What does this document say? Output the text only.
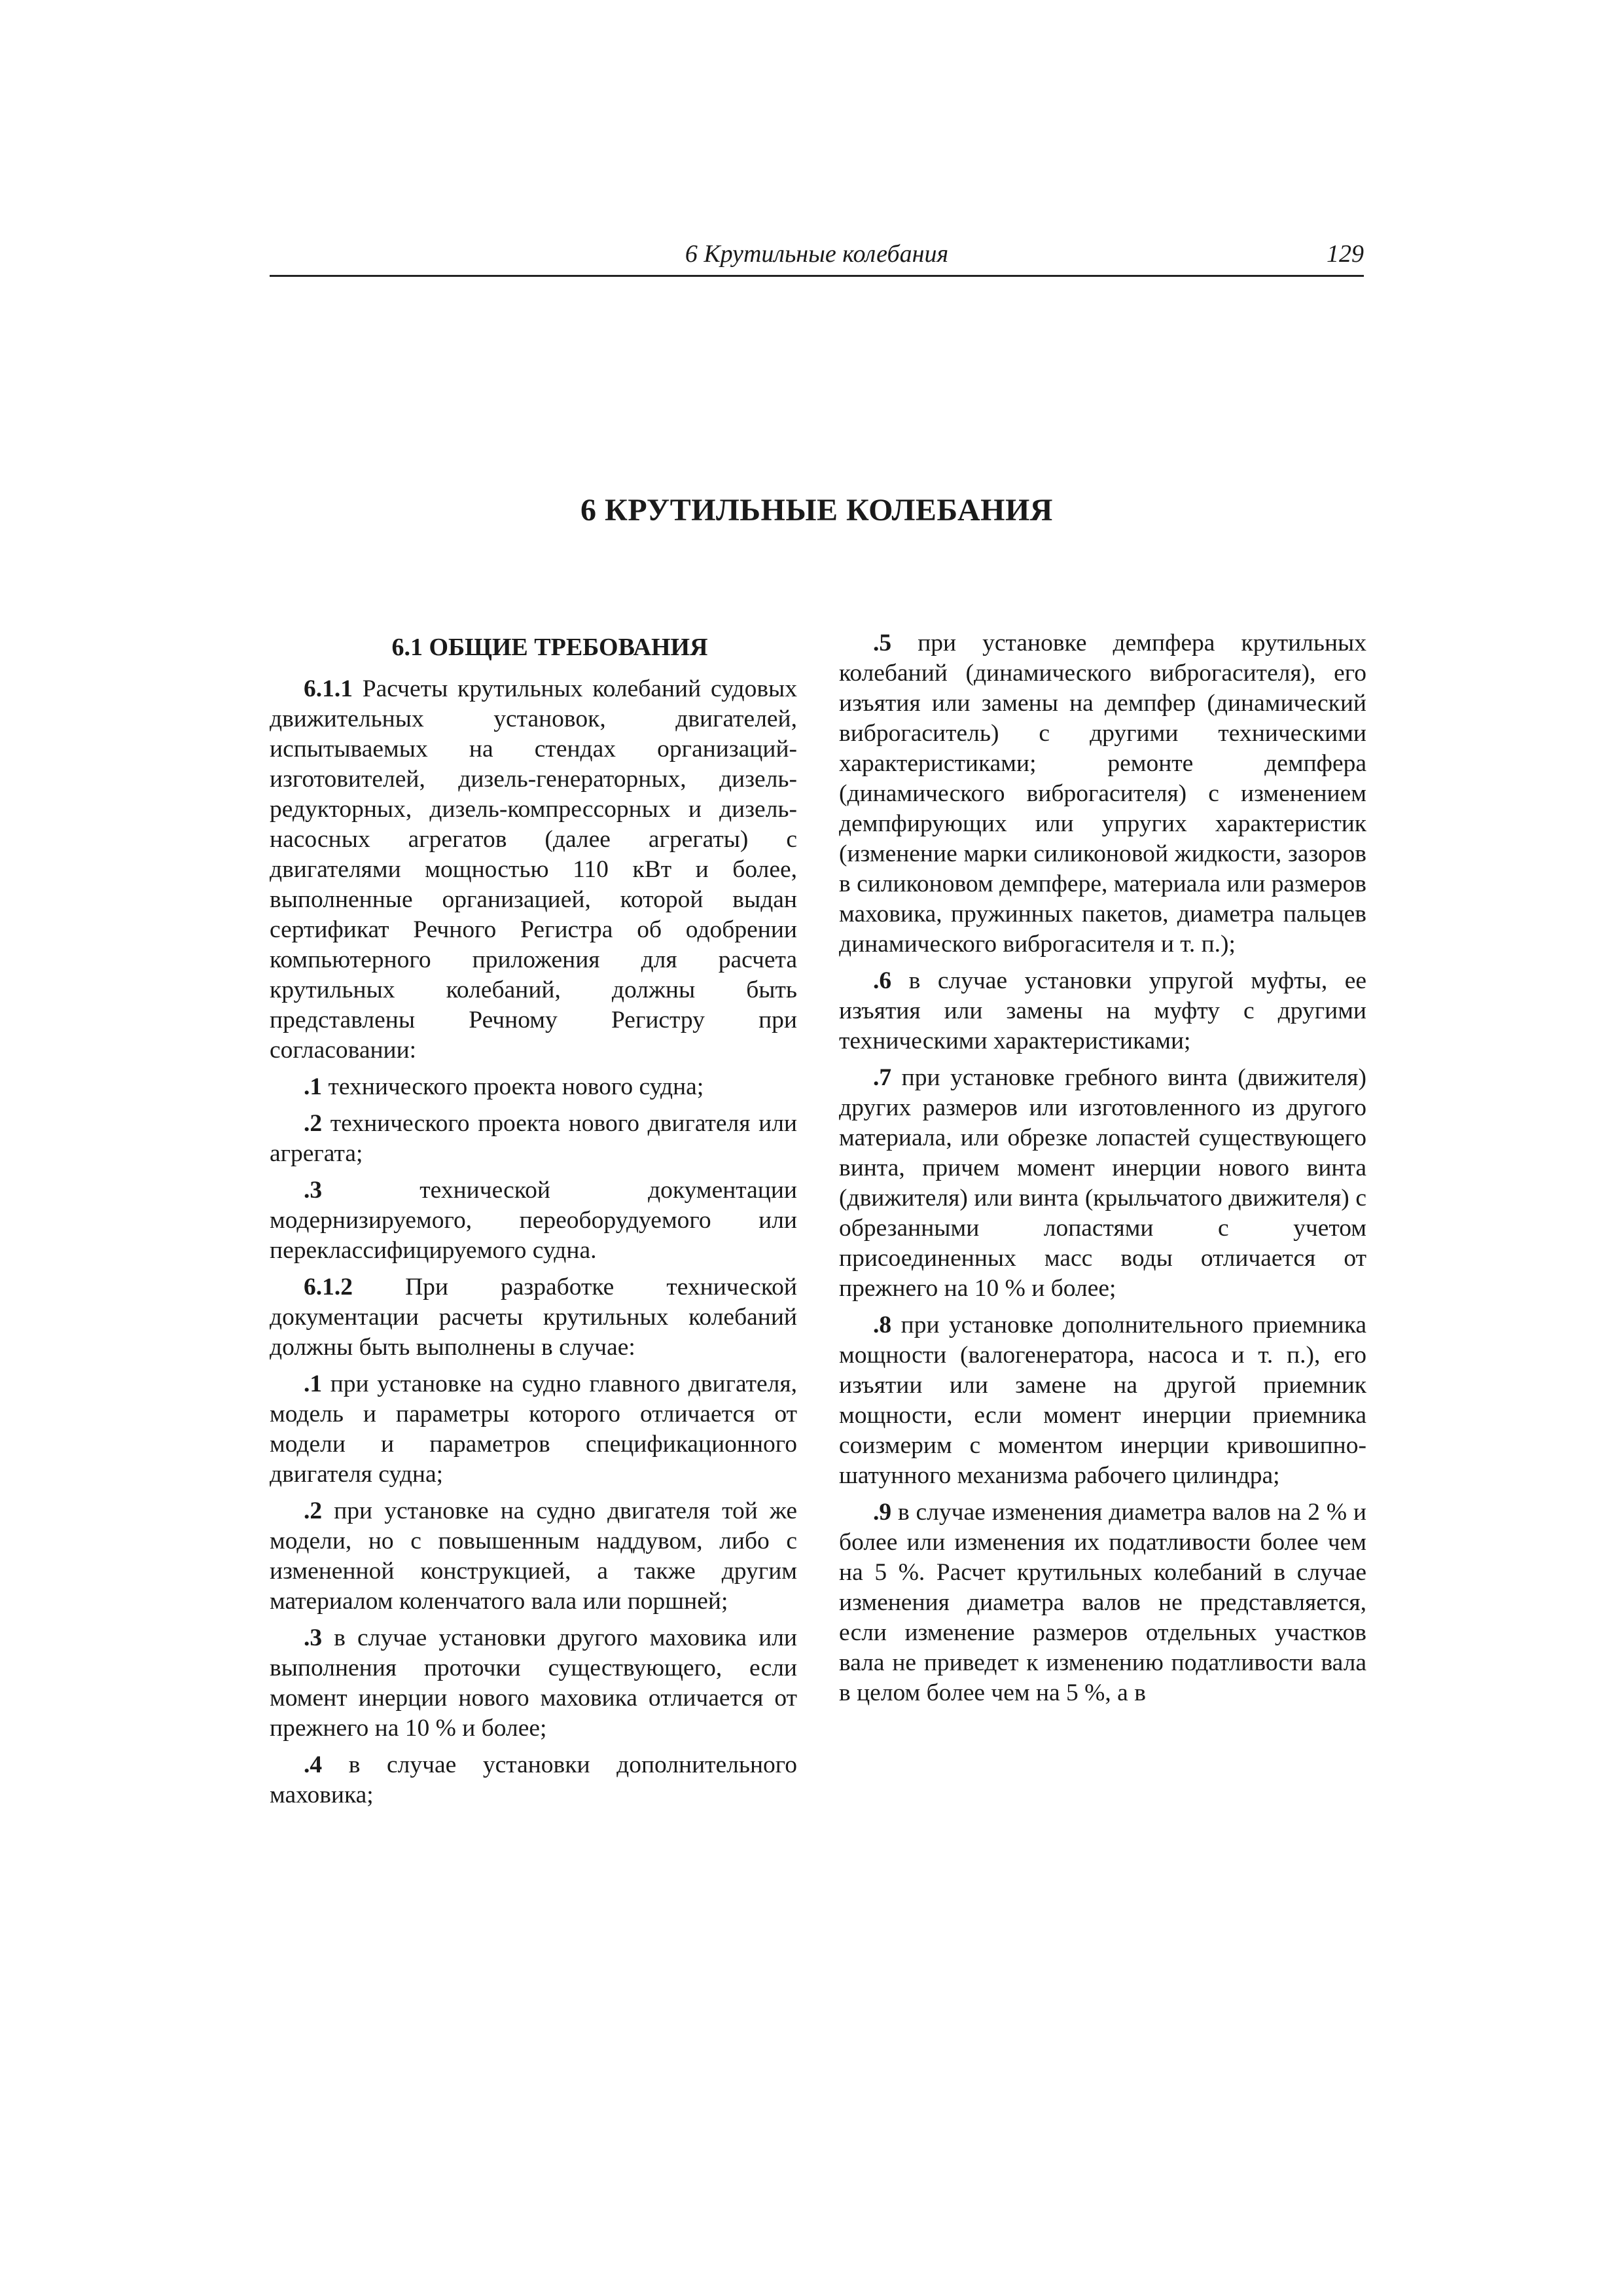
6 Крутильные колебания	129
6 КРУТИЛЬНЫЕ КОЛЕБАНИЯ
6.1 ОБЩИЕ ТРЕБОВАНИЯ

6.1.1 Расчеты крутильных колебаний судовых движительных установок, двигателей, испытываемых на стендах организаций-изготовителей, дизель-генераторных, дизель-редукторных, дизель-компрессорных и дизель-насосных агрегатов (далее агрегаты) с двигателями мощностью 110 кВт и более, выполненные организацией, которой выдан сертификат Речного Регистра об одобрении компьютерного приложения для расчета крутильных колебаний, должны быть представлены Речному Регистру при согласовании:

.1 технического проекта нового судна;

.2 технического проекта нового двигателя или агрегата;

.3 технической документации модернизируемого, переоборудуемого или переклассифицируемого судна.

6.1.2 При разработке технической документации расчеты крутильных колебаний должны быть выполнены в случае:

.1 при установке на судно главного двигателя, модель и параметры которого отличается от модели и параметров спецификационного двигателя судна;

.2 при установке на судно двигателя той же модели, но с повышенным наддувом, либо с измененной конструкцией, а также другим материалом коленчатого вала или поршней;

.3 в случае установки другого маховика или выполнения проточки существующего, если момент инерции нового маховика отличается от прежнего на 10 % и более;

.4 в случае установки дополнительного маховика;

.5 при установке демпфера крутильных колебаний (динамического виброгасителя), его изъятия или замены на демпфер (динамический виброгаситель) с другими техническими характеристиками; ремонте демпфера (динамического виброгасителя) с изменением демпфирующих или упругих характеристик (изменение марки силиконовой жидкости, зазоров в силиконовом демпфере, материала или размеров маховика, пружинных пакетов, диаметра пальцев динамического виброгасителя и т. п.);

.6 в случае установки упругой муфты, ее изъятия или замены на муфту с другими техническими характеристиками;

.7 при установке гребного винта (движителя) других размеров или изготовленного из другого материала, или обрезке лопастей существующего винта, причем момент инерции нового винта (движителя) или винта (крыльчатого движителя) с обрезанными лопастями с учетом присоединенных масс воды отличается от прежнего на 10 % и более;

.8 при установке дополнительного приемника мощности (валогенератора, насоса и т. п.), его изъятии или замене на другой приемник мощности, если момент инерции приемника соизмерим с моментом инерции кривошипно-шатунного механизма рабочего цилиндра;

.9 в случае изменения диаметра валов на 2 % и более или изменения их податливости более чем на 5 %. Расчет крутильных колебаний в случае изменения диаметра валов не представляется, если изменение размеров отдельных участков вала не приведет к изменению податливости вала в целом более чем на 5 %, а в
